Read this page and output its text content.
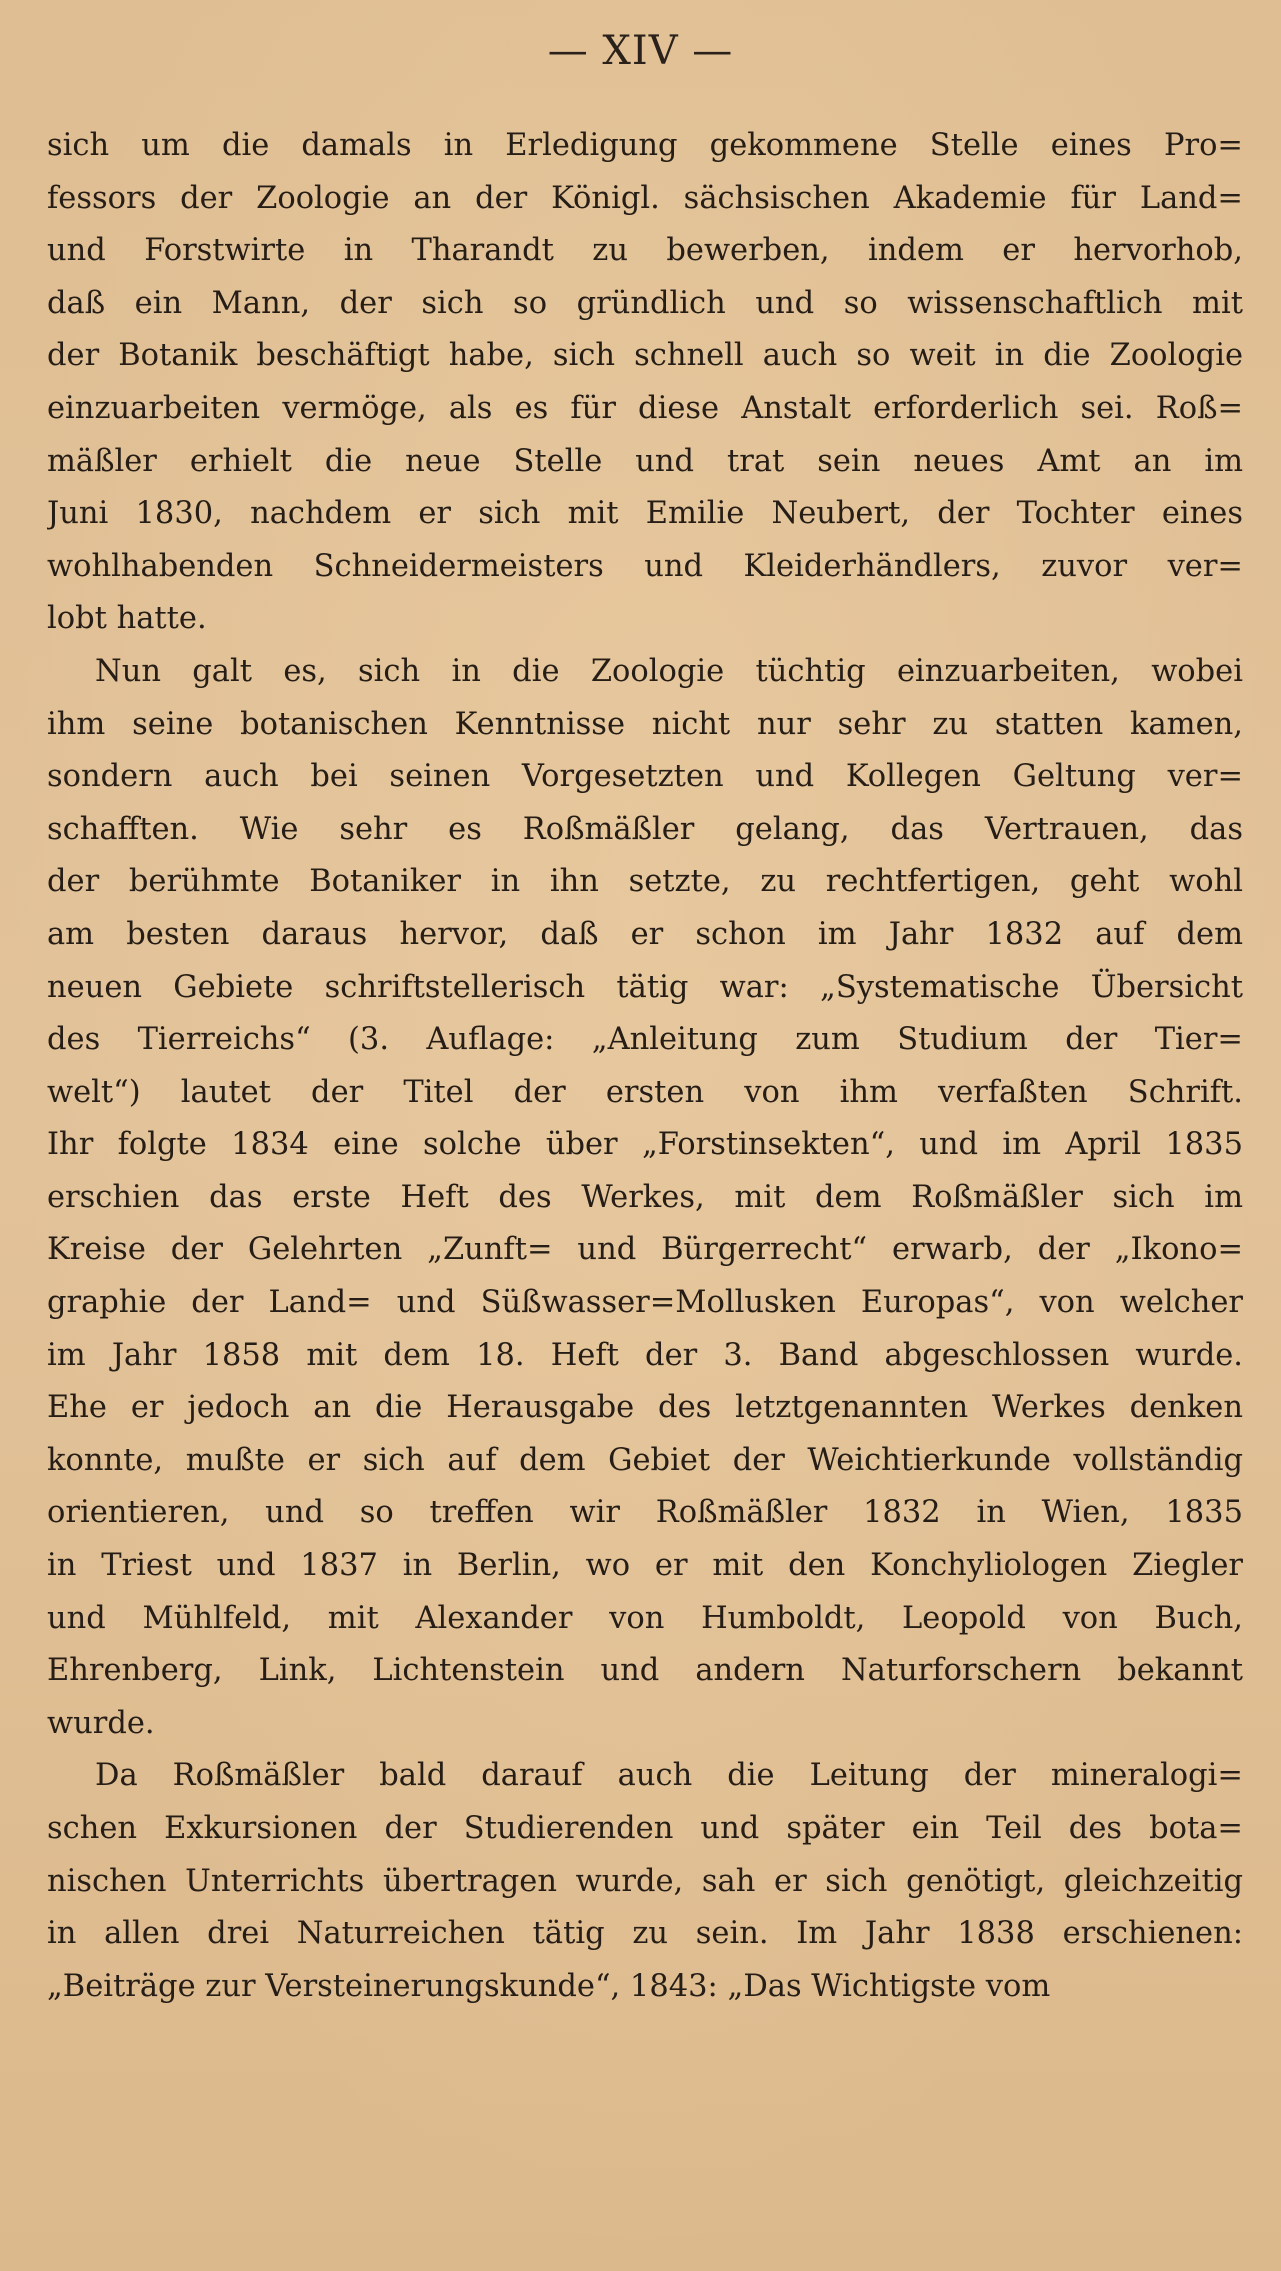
— XIV —
sich um die damals in Erledigung gekommene Stelle eines Pro=
fessors der Zoologie an der Königl. sächsischen Akademie für Land=
und Forstwirte in Tharandt zu bewerben, indem er hervorhob,
daß ein Mann, der sich so gründlich und so wissenschaftlich mit
der Botanik beschäftigt habe, sich schnell auch so weit in die Zoologie
einzuarbeiten vermöge, als es für diese Anstalt erforderlich sei. Roß=
mäßler erhielt die neue Stelle und trat sein neues Amt an im
Juni 1830, nachdem er sich mit Emilie Neubert, der Tochter eines
wohlhabenden Schneidermeisters und Kleiderhändlers, zuvor ver=
lobt hatte.
Nun galt es, sich in die Zoologie tüchtig einzuarbeiten, wobei
ihm seine botanischen Kenntnisse nicht nur sehr zu statten kamen,
sondern auch bei seinen Vorgesetzten und Kollegen Geltung ver=
schafften. Wie sehr es Roßmäßler gelang, das Vertrauen, das
der berühmte Botaniker in ihn setzte, zu rechtfertigen, geht wohl
am besten daraus hervor, daß er schon im Jahr 1832 auf dem
neuen Gebiete schriftstellerisch tätig war: „Systematische Übersicht
des Tierreichs“ (3. Auflage: „Anleitung zum Studium der Tier=
welt“) lautet der Titel der ersten von ihm verfaßten Schrift.
Ihr folgte 1834 eine solche über „Forstinsekten“, und im April 1835
erschien das erste Heft des Werkes, mit dem Roßmäßler sich im
Kreise der Gelehrten „Zunft= und Bürgerrecht“ erwarb, der „Ikono=
graphie der Land= und Süßwasser=Mollusken Europas“, von welcher
im Jahr 1858 mit dem 18. Heft der 3. Band abgeschlossen wurde.
Ehe er jedoch an die Herausgabe des letztgenannten Werkes denken
konnte, mußte er sich auf dem Gebiet der Weichtierkunde vollständig
orientieren, und so treffen wir Roßmäßler 1832 in Wien, 1835
in Triest und 1837 in Berlin, wo er mit den Konchyliologen Ziegler
und Mühlfeld, mit Alexander von Humboldt, Leopold von Buch,
Ehrenberg, Link, Lichtenstein und andern Naturforschern bekannt
wurde.
Da Roßmäßler bald darauf auch die Leitung der mineralogi=
schen Exkursionen der Studierenden und später ein Teil des bota=
nischen Unterrichts übertragen wurde, sah er sich genötigt, gleichzeitig
in allen drei Naturreichen tätig zu sein. Im Jahr 1838 erschienen:
„Beiträge zur Versteinerungskunde“, 1843: „Das Wichtigste vom
